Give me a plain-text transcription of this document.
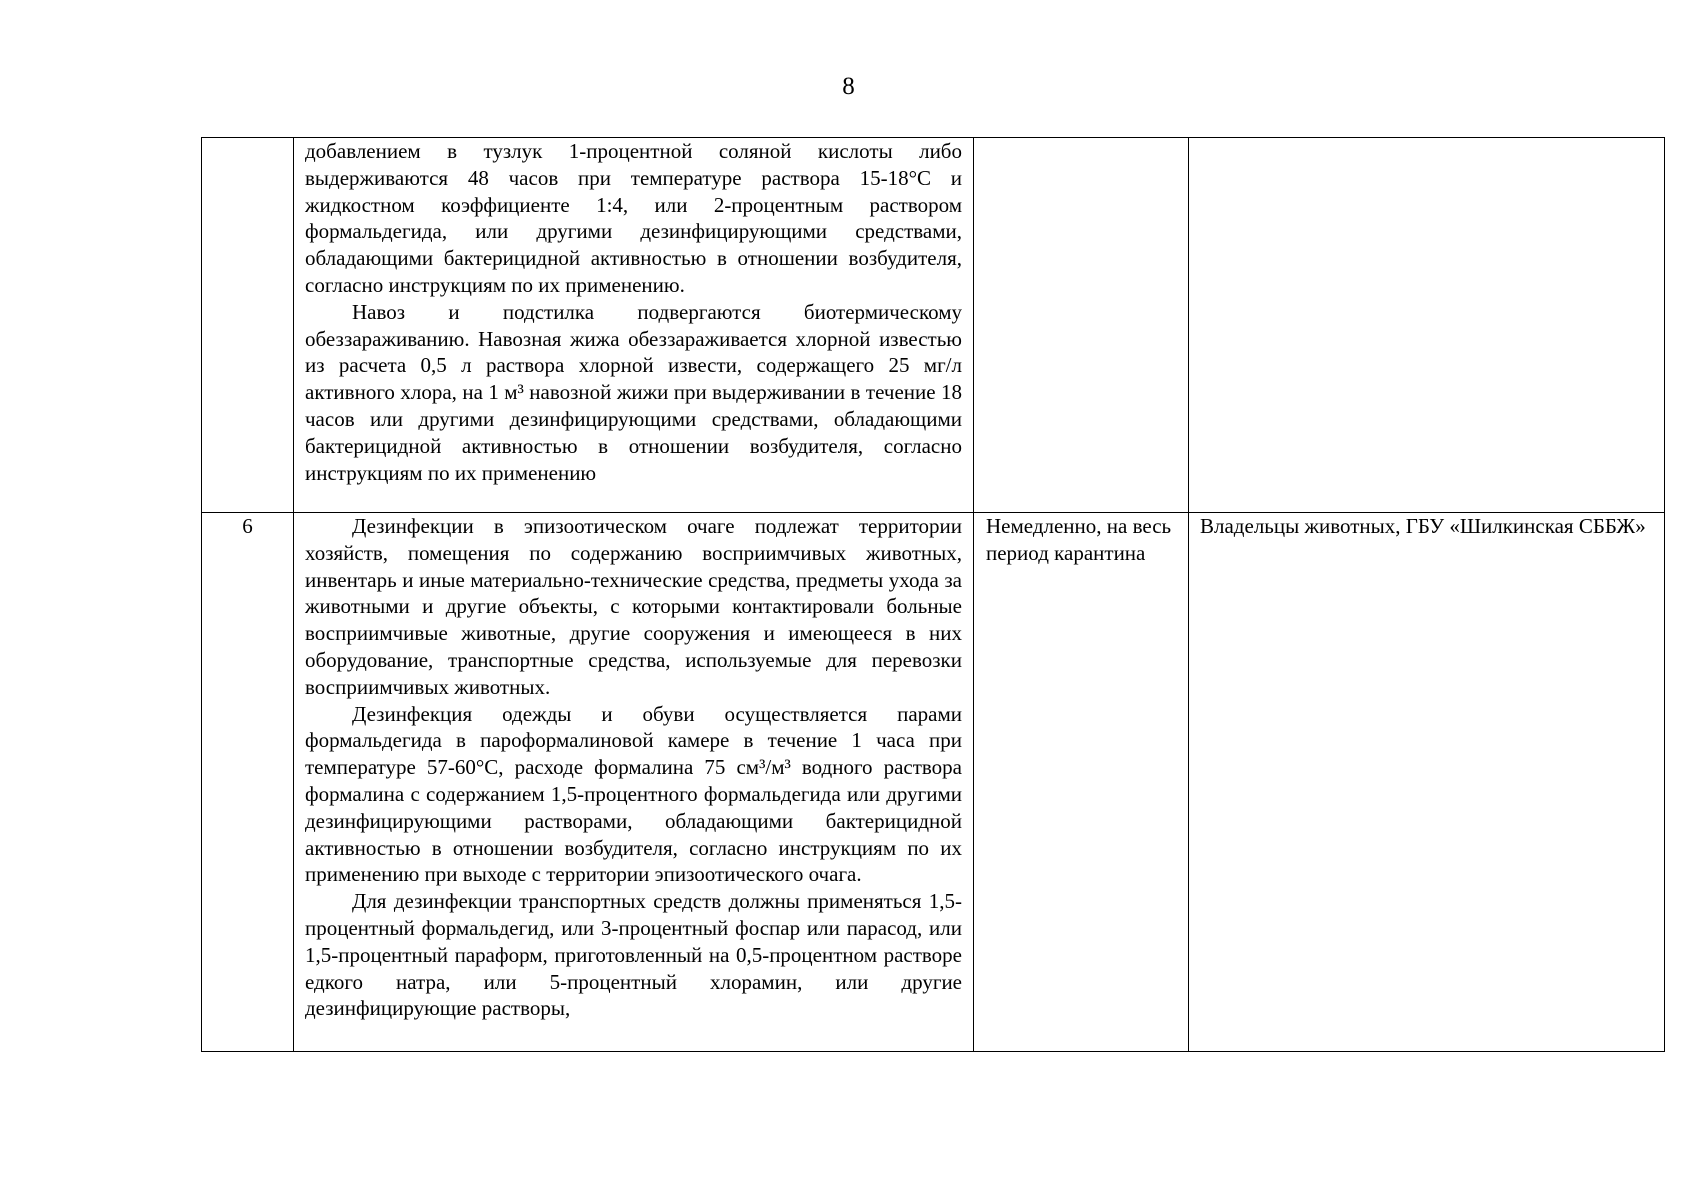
8

	добавлением в тузлук 1-процентной соляной кислоты либо выдерживаются 48 часов при температуре раствора 15-18°С и жидкостном коэффициенте 1:4, или 2-процентным раствором формальдегида, или другими дезинфицирующими средствами, обладающими бактерицидной активностью в отношении возбудителя, согласно инструкциям по их применению.

Навоз и подстилка подвергаются биотермическому обеззараживанию. Навозная жижа обеззараживается хлорной известью из расчета 0,5 л раствора хлорной извести, содержащего 25 мг/л активного хлора, на 1 м³ навозной жижи при выдерживании в течение 18 часов или другими дезинфицирующими средствами, обладающими бактерицидной активностью в отношении возбудителя, согласно инструкциям по их применению		

6	Дезинфекции в эпизоотическом очаге подлежат территории хозяйств, помещения по содержанию восприимчивых животных, инвентарь и иные материально-технические средства, предметы ухода за животными и другие объекты, с которыми контактировали больные восприимчивые животные, другие сооружения и имеющееся в них оборудование, транспортные средства, используемые для перевозки восприимчивых животных.

Дезинфекция одежды и обуви осуществляется парами формальдегида в пароформалиновой камере в течение 1 часа при температуре 57-60°С, расходе формалина 75 см³/м³ водного раствора формалина с содержанием 1,5-процентного формальдегида или другими дезинфицирующими растворами, обладающими бактерицидной активностью в отношении возбудителя, согласно инструкциям по их применению при выходе с территории эпизоотического очага.

Для дезинфекции транспортных средств должны применяться 1,5-процентный формальдегид, или 3-процентный фоспар или парасод, или 1,5-процентный параформ, приготовленный на 0,5-процентном растворе едкого натра, или 5-процентный хлорамин, или другие дезинфицирующие растворы,	Немедленно, на весь период карантина	Владельцы животных, ГБУ «Шилкинская СББЖ»
